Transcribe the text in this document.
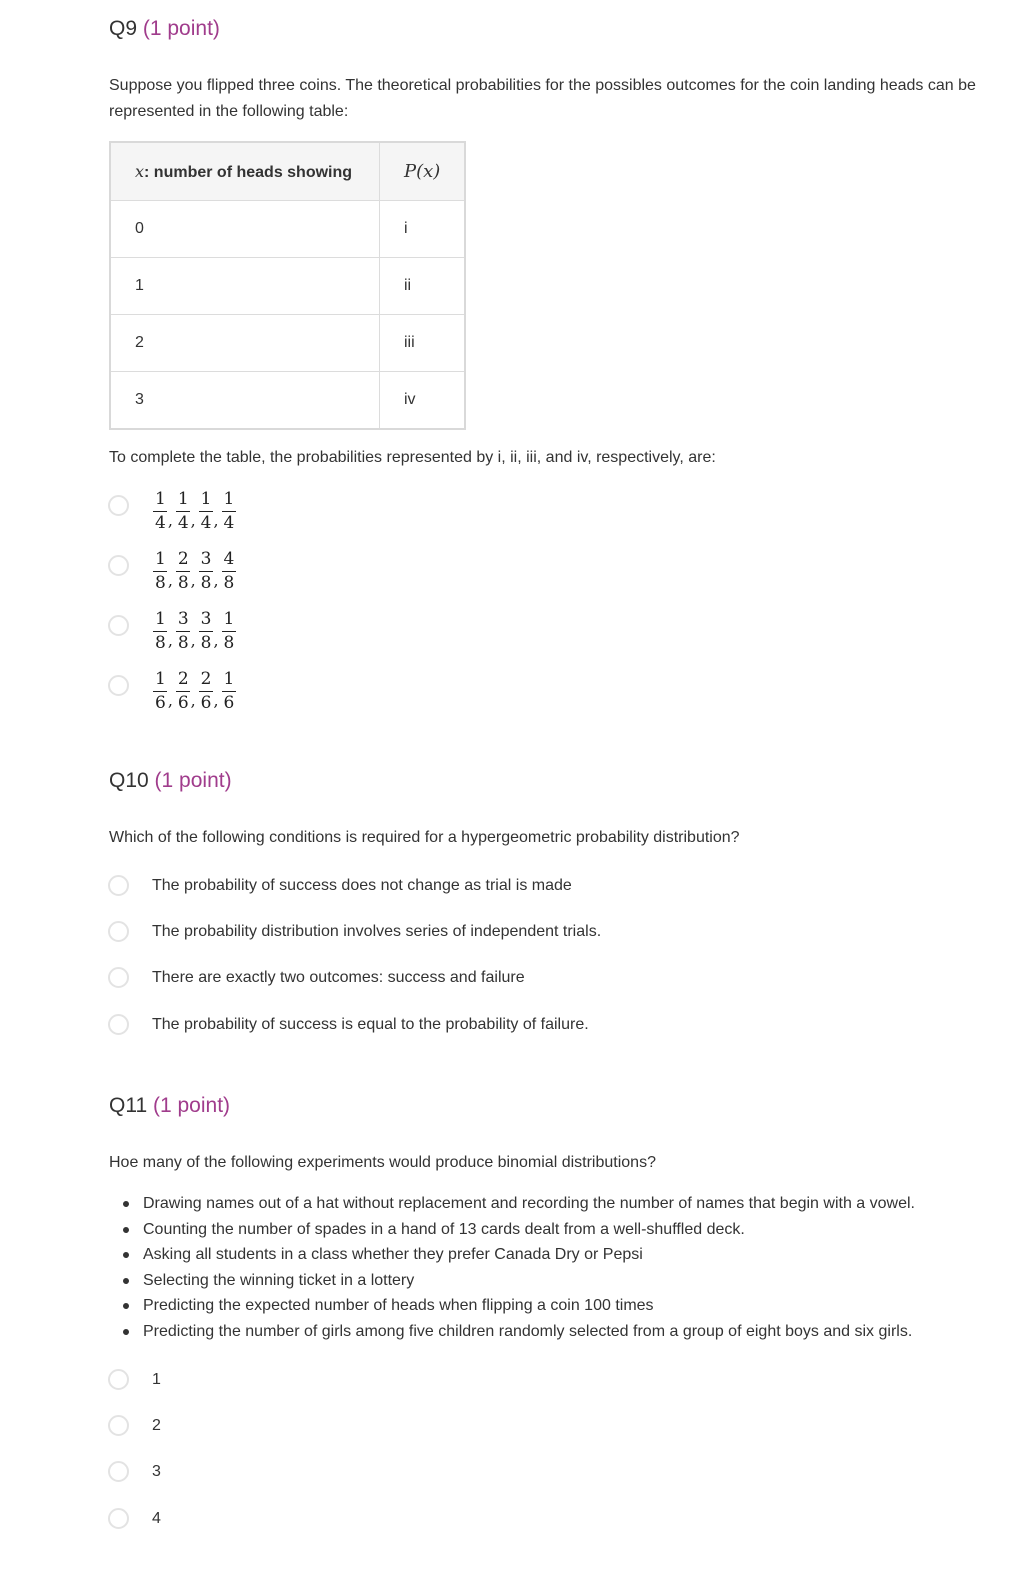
Q9 (1 point)
Suppose you flipped three coins. The theoretical probabilities for the possibles outcomes for the coin landing heads can be represented in the following table:
x: number of heads showing	P(x)
0	i
1	ii
2	iii
3	iv
To complete the table, the probabilities represented by i, ii, iii, and iv, respectively, are:
$\frac{1}{4}$ , $\frac{1}{4}$ , $\frac{1}{4}$ , $\frac{1}{4}$
$\frac{1}{8}$ , $\frac{2}{8}$ , $\frac{3}{8}$ , $\frac{4}{8}$
$\frac{1}{8}$ , $\frac{3}{8}$ , $\frac{3}{8}$ , $\frac{1}{8}$
$\frac{1}{6}$ , $\frac{2}{6}$ , $\frac{2}{6}$ , $\frac{1}{6}$
Q10 (1 point)
Which of the following conditions is required for a hypergeometric probability distribution?
The probability of success does not change as trial is made
The probability distribution involves series of independent trials.
There are exactly two outcomes: success and failure
The probability of success is equal to the probability of failure.
Q11 (1 point)
Hoe many of the following experiments would produce binomial distributions?
Drawing names out of a hat without replacement and recording the number of names that begin with a vowel.
Counting the number of spades in a hand of 13 cards dealt from a well-shuffled deck.
Asking all students in a class whether they prefer Canada Dry or Pepsi
Selecting the winning ticket in a lottery
Predicting the expected number of heads when flipping a coin 100 times
Predicting the number of girls among five children randomly selected from a group of eight boys and six girls.
1
2
3
4
